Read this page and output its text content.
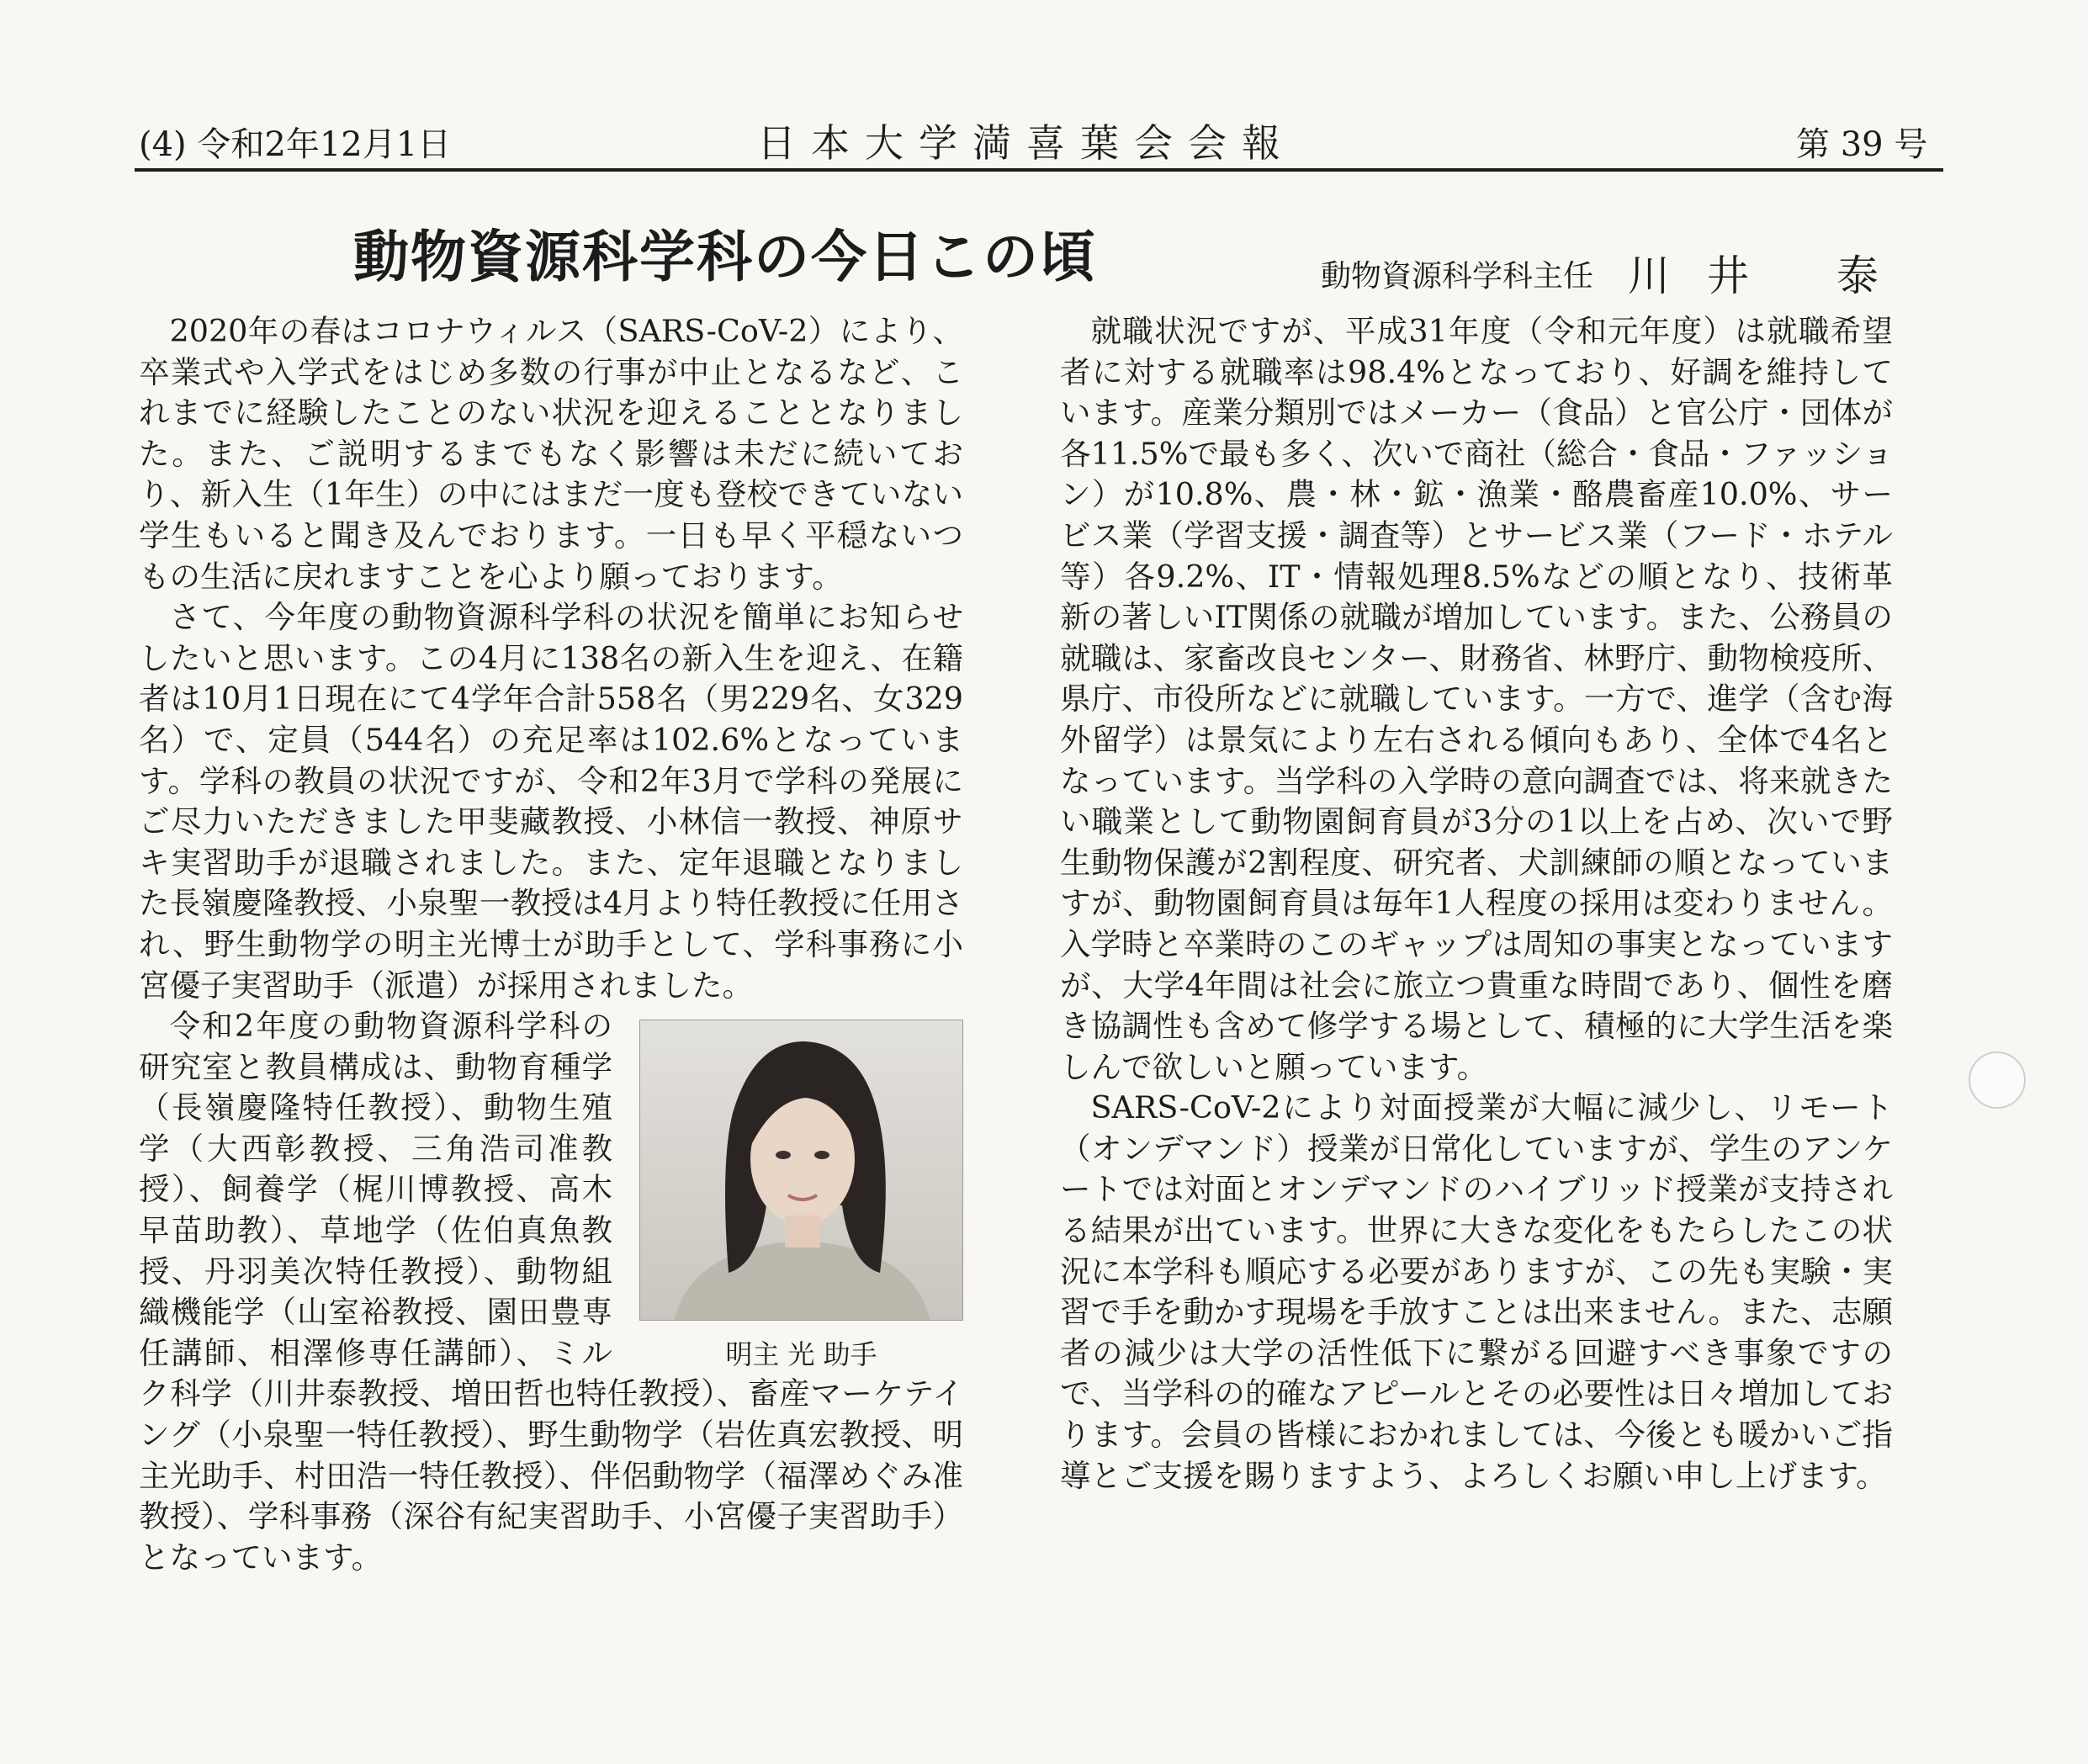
(4) 令和2年12月1日	日本大学満喜葉会会報	第 39 号
動物資源科学科の今日この頃	動物資源科学科主任 川井 泰

2020年の春はコロナウィルス（SARS-CoV-2）により、卒業式や入学式をはじめ多数の行事が中止となるなど、これまでに経験したことのない状況を迎えることとなりました。また、ご説明するまでもなく影響は未だに続いており、新入生（1年生）の中にはまだ一度も登校できていない学生もいると聞き及んでおります。一日も早く平穏ないつもの生活に戻れますことを心より願っております。

さて、今年度の動物資源科学科の状況を簡単にお知らせしたいと思います。この4月に138名の新入生を迎え、在籍者は10月1日現在にて4学年合計558名（男229名、女329名）で、定員（544名）の充足率は102.6%となっています。学科の教員の状況ですが、令和2年3月で学科の発展にご尽力いただきました甲斐藏教授、小林信一教授、神原サキ実習助手が退職されました。また、定年退職となりました長嶺慶隆教授、小泉聖一教授は4月より特任教授に任用され、野生動物学の明主光博士が助手として、学科事務に小宮優子実習助手（派遣）が採用されました。

明主 光 助手

令和2年度の動物資源科学科の研究室と教員構成は、動物育種学（長嶺慶隆特任教授）、動物生殖学（大西彰教授、三角浩司准教授）、飼養学（梶川博教授、高木早苗助教）、草地学（佐伯真魚教授、丹羽美次特任教授）、動物組織機能学（山室裕教授、園田豊専任講師、相澤修専任講師）、ミルク科学（川井泰教授、増田哲也特任教授）、畜産マーケテイング（小泉聖一特任教授）、野生動物学（岩佐真宏教授、明主光助手、村田浩一特任教授）、伴侶動物学（福澤めぐみ准教授）、学科事務（深谷有紀実習助手、小宮優子実習助手）となっています。

就職状況ですが、平成31年度（令和元年度）は就職希望者に対する就職率は98.4%となっており、好調を維持しています。産業分類別ではメーカー（食品）と官公庁・団体が各11.5%で最も多く、次いで商社（総合・食品・ファッション）が10.8%、農・林・鉱・漁業・酪農畜産10.0%、サービス業（学習支援・調査等）とサービス業（フード・ホテル等）各9.2%、IT・情報処理8.5%などの順となり、技術革新の著しいIT関係の就職が増加しています。また、公務員の就職は、家畜改良センター、財務省、林野庁、動物検疫所、県庁、市役所などに就職しています。一方で、進学（含む海外留学）は景気により左右される傾向もあり、全体で4名となっています。当学科の入学時の意向調査では、将来就きたい職業として動物園飼育員が3分の1以上を占め、次いで野生動物保護が2割程度、研究者、犬訓練師の順となっていますが、動物園飼育員は毎年1人程度の採用は変わりません。入学時と卒業時のこのギャップは周知の事実となっていますが、大学4年間は社会に旅立つ貴重な時間であり、個性を磨き協調性も含めて修学する場として、積極的に大学生活を楽しんで欲しいと願っています。

SARS-CoV-2により対面授業が大幅に減少し、リモート（オンデマンド）授業が日常化していますが、学生のアンケートでは対面とオンデマンドのハイブリッド授業が支持される結果が出ています。世界に大きな変化をもたらしたこの状況に本学科も順応する必要がありますが、この先も実験・実習で手を動かす現場を手放すことは出来ません。また、志願者の減少は大学の活性低下に繋がる回避すべき事象ですので、当学科の的確なアピールとその必要性は日々増加しております。会員の皆様におかれましては、今後とも暖かいご指導とご支援を賜りますよう、よろしくお願い申し上げます。
